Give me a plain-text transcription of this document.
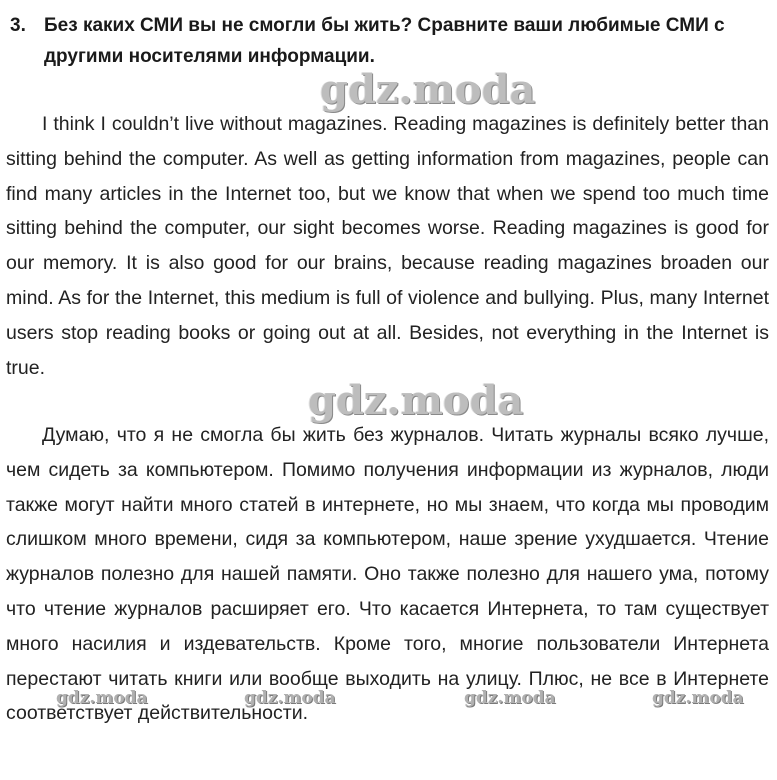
3. Без каких СМИ вы не смогли бы жить? Сравните ваши любимые СМИ с
другими носителями информации.
gdz.moda
I think I couldn’t live without magazines. Reading magazines is definitely better than sitting behind the computer. As well as getting information from magazines, people can find many articles in the Internet too, but we know that when we spend too much time sitting behind the computer, our sight becomes worse. Reading magazines is good for our memory. It is also good for our brains, because reading magazines broaden our mind. As for the Internet, this medium is full of violence and bullying. Plus, many Internet users stop reading books or going out at all. Besides, not everything in the Internet is true.
gdz.moda
Думаю, что я не смогла бы жить без журналов. Читать журналы всяко лучше, чем сидеть за компьютером. Помимо получения информации из журналов, люди также могут найти много статей в интернете, но мы знаем, что когда мы проводим слишком много времени, сидя за компьютером, наше зрение ухудшается. Чтение журналов полезно для нашей памяти. Оно также полезно для нашего ума, потому что чтение журналов расширяет его. Что касается Интернета, то там существует много насилия и издевательств. Кроме того, многие пользователи Интернета перестают читать книги или вообще выходить на улицу. Плюс, не все в Интернете соответствует действительности.
gdz.moda	gdz.moda	gdz.moda	gdz.moda
